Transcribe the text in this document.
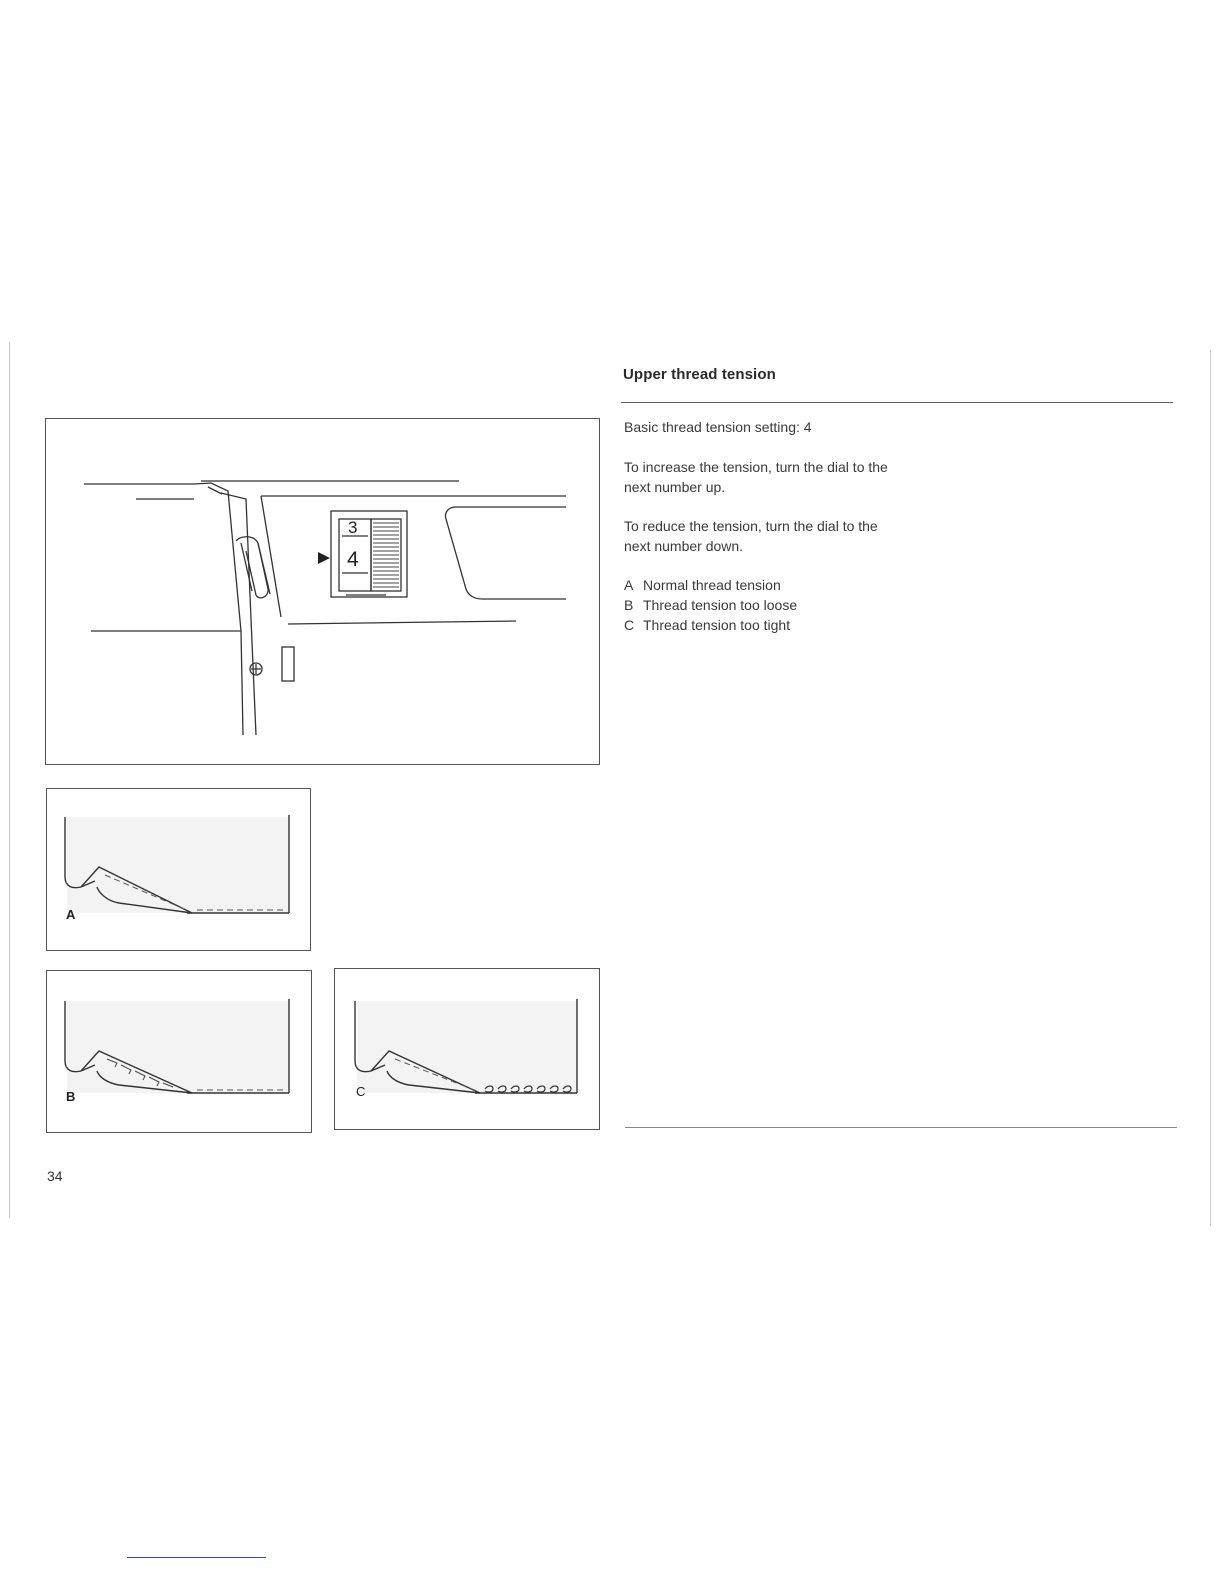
3
4
A
B	C
Upper thread tension
Basic thread tension setting: 4
To increase the tension, turn the dial to the next number up.
To reduce the tension, turn the dial to the next number down.
A Normal thread tension
B Thread tension too loose
C Thread tension too tight
34
